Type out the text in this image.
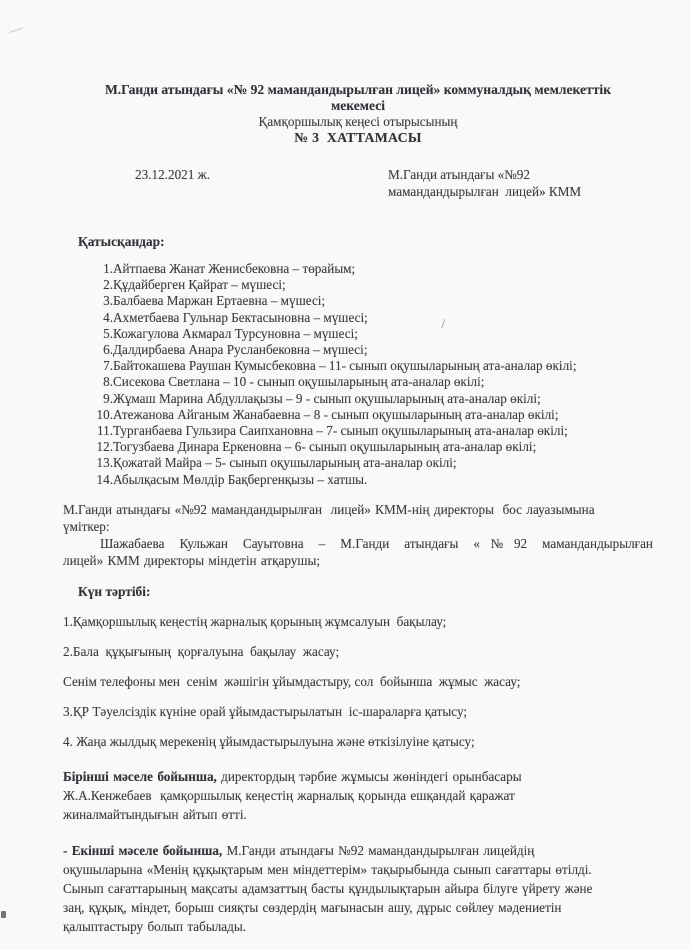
М.Ганди атындағы «№ 92 мамандандырылған лицей» коммуналдық мемлекеттік
мекемесі
Қамқоршылық кеңесі отырысының
№ 3  ХАТТАМАСЫ
23.12.2021 ж.	М.Ганди атындағы «№92
мамандандырылған  лицей» КММ
Қатысқандар:
1. Айтпаева Жанат Женисбековна – төрайым;
2. Құдайберген Қайрат – мүшесі;
3. Балбаева Маржан Ертаевна – мүшесі;
4. Ахметбаева Гульнар Бектасыновна – мүшесі;
5. Кожагулова Акмарал Турсуновна – мүшесі;
6. Далдирбаева Анара Русланбековна – мүшесі;
7. Байтокашева Раушан Кумысбековна – 11- сынып оқушыларының ата-аналар өкілі;
8. Сисекова Светлана – 10 - сынып оқушыларының ата-аналар өкілі;
9. Жұмаш Марина Абдуллақызы – 9 - сынып оқушыларының ата-аналар өкілі;
10. Атежанова Айганым Жанабаевна – 8 - сынып оқушыларының ата-аналар өкілі;
11. Турганбаева Гульзира Саипхановна – 7- сынып оқушыларының ата-аналар өкілі;
12. Тогузбаева Динара Еркеновна – 6- сынып оқушыларының ата-аналар өкілі;
13. Қожатай Майра – 5- сынып оқушыларының ата-аналар окілі;
14. Абылқасым Мөлдір Бақбергенқызы – хатшы.
М.Ганди атындағы «№92 мамандандырылған  лицей» КММ-нің директоры  бос лауазымына
үміткер:
Шажабаева Кульжан Сауытовна – М.Ганди атындағы «№92 мамандандырылған
лицей» КММ директоры міндетін атқарушы;
Күн тәртібі:
1.Қамқоршылық кеңестің жарналық қорының жұмсалуын  бақылау;
2.Бала  құқығының  қорғалуына  бақылау  жасау;
Сенім телефоны мен  сенім  жәшігін ұйымдастыру, сол  бойынша  жұмыс  жасау;
3.ҚР Тәуелсіздік күніне орай ұйымдастырылатын  іс-шараларға қатысу;
4. Жаңа жылдық мерекенің ұйымдастырылуына және өткізілуіне қатысу;
Бірінші мәселе бойынша, директордың тәрбие жұмысы жөніндегі орынбасары
Ж.А.Кенжебаев  қамқоршылық кеңестің жарналық қорында ешқандай қаражат
жиналмайтындығын айтып өтті.
- Екінші мәселе бойынша, М.Ганди атындағы №92 мамандандырылған лицейдің
оқушыларына «Менің құқықтарым мен міндеттерім» тақырыбында сынып сағаттары өтілді.
Сынып сағаттарының мақсаты адамзаттың басты құндылықтарын айыра білуге үйрету және
заң, құқық, міндет, борыш сияқты сөздердің мағынасын ашу, дұрыс сөйлеу мәдениетін
қалыптастыру болып табылады.
